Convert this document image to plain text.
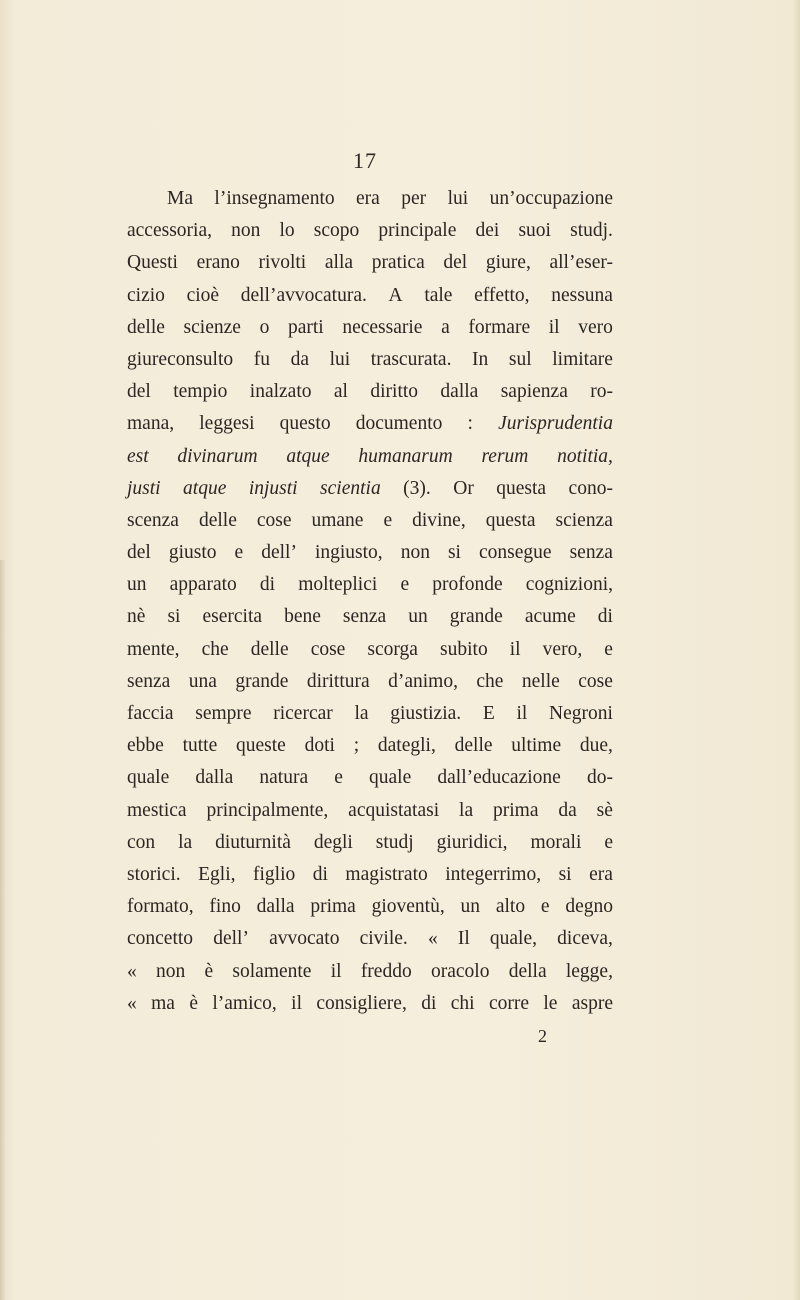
17
Ma l’insegnamento era per lui un’occupazione
accessoria, non lo scopo principale dei suoi studj.
Questi erano rivolti alla pratica del giure, all’eser-
cizio cioè dell’avvocatura. A tale effetto, nessuna
delle scienze o parti necessarie a formare il vero
giureconsulto fu da lui trascurata. In sul limitare
del tempio inalzato al diritto dalla sapienza ro-
mana, leggesi questo documento : Jurisprudentia
est divinarum atque humanarum rerum notitia,
justi atque injusti scientia (3). Or questa cono-
scenza delle cose umane e divine, questa scienza
del giusto e dell’ ingiusto, non si consegue senza
un apparato di molteplici e profonde cognizioni,
nè si esercita bene senza un grande acume di
mente, che delle cose scorga subito il vero, e
senza una grande dirittura d’animo, che nelle cose
faccia sempre ricercar la giustizia. E il Negroni
ebbe tutte queste doti ; dategli, delle ultime due,
quale dalla natura e quale dall’educazione do-
mestica principalmente, acquistatasi la prima da sè
con la diuturnità degli studj giuridici, morali e
storici. Egli, figlio di magistrato integerrimo, si era
formato, fino dalla prima gioventù, un alto e degno
concetto dell’ avvocato civile. « Il quale, diceva,
« non è solamente il freddo oracolo della legge,
« ma è l’amico, il consigliere, di chi corre le aspre
2
